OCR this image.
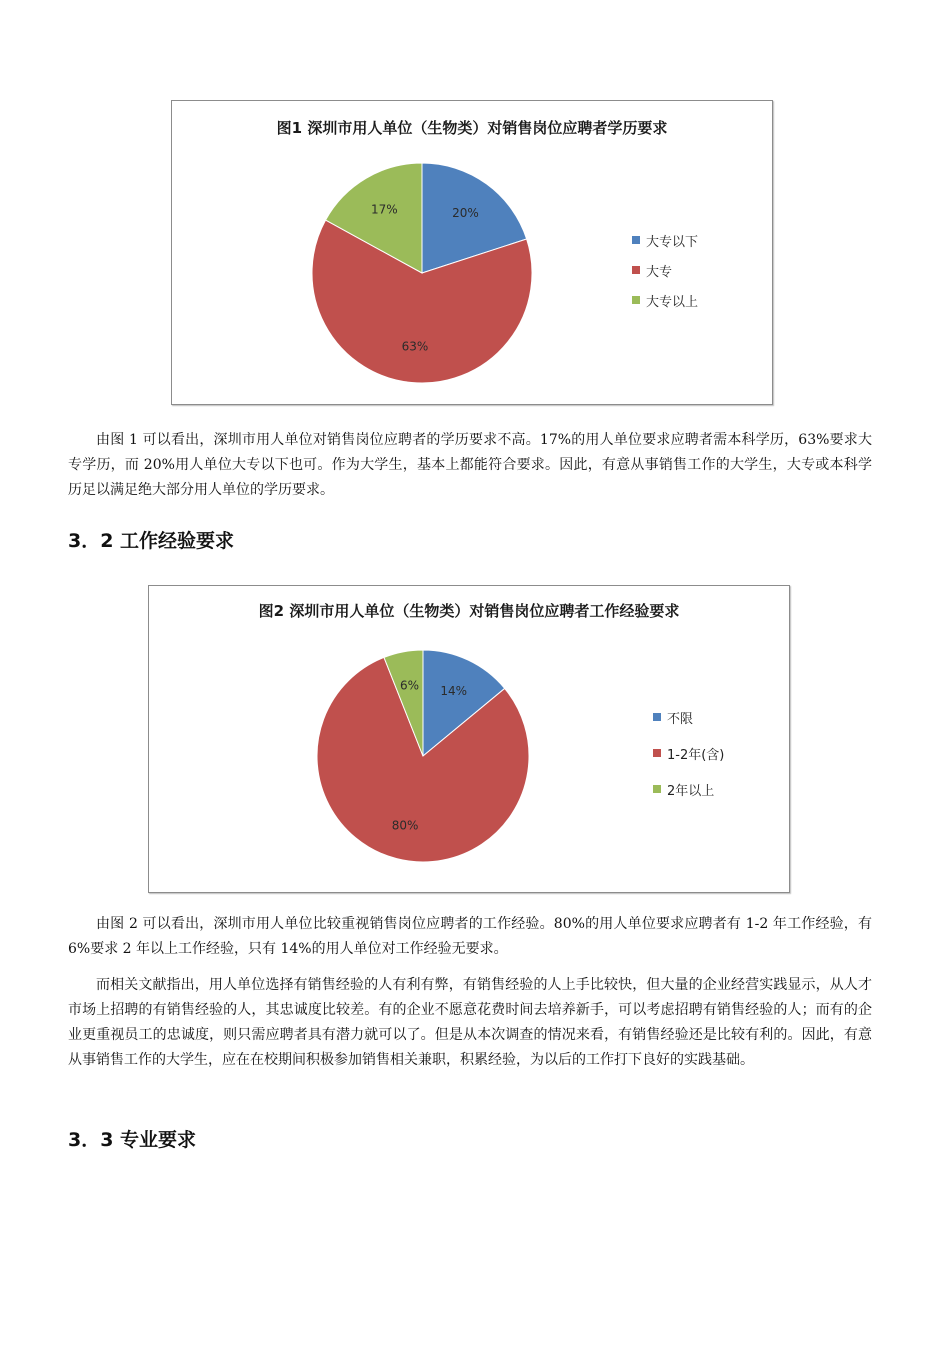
图1 深圳市用人单位（生物类）对销售岗位应聘者学历要求
20%
63%
17%
大专以下
大专
大专以上

由图 1 可以看出，深圳市用人单位对销售岗位应聘者的学历要求不高。17%的用人单位要求应聘者需本科学历，63%要求大专学历，而 20%用人单位大专以下也可。作为大学生，基本上都能符合要求。因此，有意从事销售工作的大学生，大专或本科学历足以满足绝大部分用人单位的学历要求。

3．2 工作经验要求
图2 深圳市用人单位（生物类）对销售岗位应聘者工作经验要求
14%
80%
6%
不限
1-2年(含)
2年以上

由图 2 可以看出，深圳市用人单位比较重视销售岗位应聘者的工作经验。80%的用人单位要求应聘者有 1-2 年工作经验，有 6%要求 2 年以上工作经验，只有 14%的用人单位对工作经验无要求。

而相关文献指出，用人单位选择有销售经验的人有利有弊，有销售经验的人上手比较快，但大量的企业经营实践显示，从人才市场上招聘的有销售经验的人，其忠诚度比较差。有的企业不愿意花费时间去培养新手，可以考虑招聘有销售经验的人；而有的企业更重视员工的忠诚度，则只需应聘者具有潜力就可以了。但是从本次调查的情况来看，有销售经验还是比较有利的。因此，有意从事销售工作的大学生，应在在校期间积极参加销售相关兼职，积累经验，为以后的工作打下良好的实践基础。

3．3 专业要求
